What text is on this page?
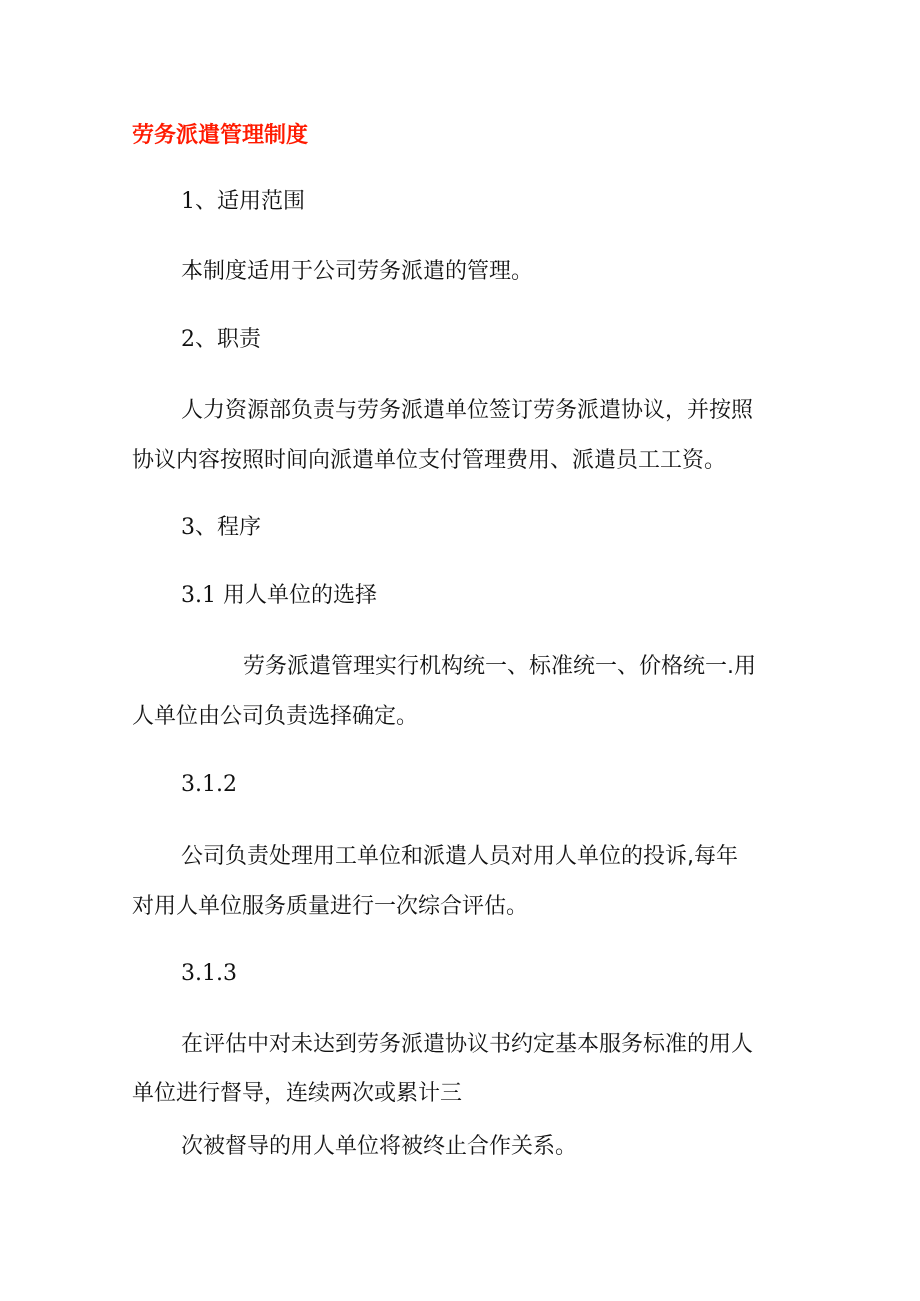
劳务派遣管理制度
1、适用范围
本制度适用于公司劳务派遣的管理。
2、职责
人力资源部负责与劳务派遣单位签订劳务派遣协议，并按照
协议内容按照时间向派遣单位支付管理费用、派遣员工工资。
3、程序
3.1 用人单位的选择
劳务派遣管理实行机构统一、标准统一、价格统一.用
人单位由公司负责选择确定。
3.1.2
公司负责处理用工单位和派遣人员对用人单位的投诉,每年
对用人单位服务质量进行一次综合评估。
3.1.3
在评估中对未达到劳务派遣协议书约定基本服务标准的用人
单位进行督导，连续两次或累计三
次被督导的用人单位将被终止合作关系。
